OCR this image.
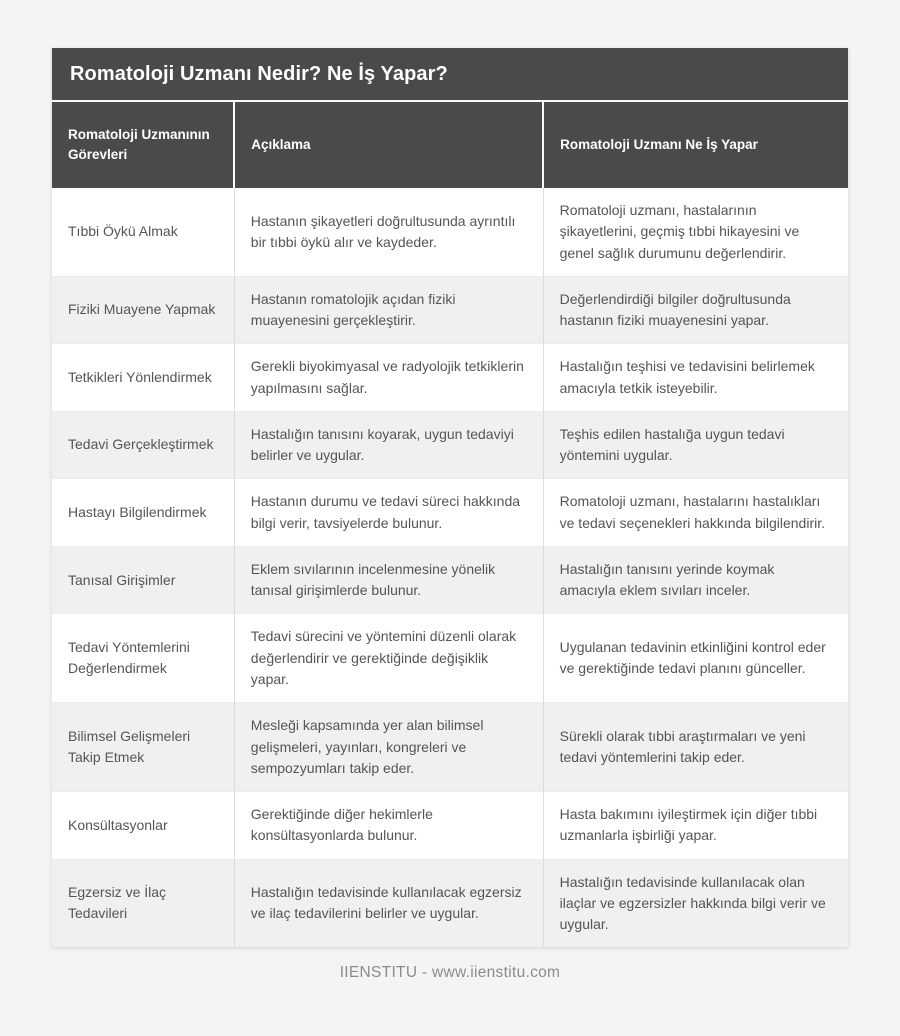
Romatoloji Uzmanı Nedir? Ne İş Yapar?
Romatoloji Uzmanının Görevleri	Açıklama	Romatoloji Uzmanı Ne İş Yapar
Tıbbi Öykü Almak	Hastanın şikayetleri doğrultusunda ayrıntılı bir tıbbi öykü alır ve kaydeder.	Romatoloji uzmanı, hastalarının şikayetlerini, geçmiş tıbbi hikayesini ve genel sağlık durumunu değerlendirir.
Fiziki Muayene Yapmak	Hastanın romatolojik açıdan fiziki muayenesini gerçekleştirir.	Değerlendirdiği bilgiler doğrultusunda hastanın fiziki muayenesini yapar.
Tetkikleri Yönlendirmek	Gerekli biyokimyasal ve radyolojik tetkiklerin yapılmasını sağlar.	Hastalığın teşhisi ve tedavisini belirlemek amacıyla tetkik isteyebilir.
Tedavi Gerçekleştirmek	Hastalığın tanısını koyarak, uygun tedaviyi belirler ve uygular.	Teşhis edilen hastalığa uygun tedavi yöntemini uygular.
Hastayı Bilgilendirmek	Hastanın durumu ve tedavi süreci hakkında bilgi verir, tavsiyelerde bulunur.	Romatoloji uzmanı, hastalarını hastalıkları ve tedavi seçenekleri hakkında bilgilendirir.
Tanısal Girişimler	Eklem sıvılarının incelenmesine yönelik tanısal girişimlerde bulunur.	Hastalığın tanısını yerinde koymak amacıyla eklem sıvıları inceler.
Tedavi Yöntemlerini Değerlendirmek	Tedavi sürecini ve yöntemini düzenli olarak değerlendirir ve gerektiğinde değişiklik yapar.	Uygulanan tedavinin etkinliğini kontrol eder ve gerektiğinde tedavi planını günceller.
Bilimsel Gelişmeleri Takip Etmek	Mesleği kapsamında yer alan bilimsel gelişmeleri, yayınları, kongreleri ve sempozyumları takip eder.	Sürekli olarak tıbbi araştırmaları ve yeni tedavi yöntemlerini takip eder.
Konsültasyonlar	Gerektiğinde diğer hekimlerle konsültasyonlarda bulunur.	Hasta bakımını iyileştirmek için diğer tıbbi uzmanlarla işbirliği yapar.
Egzersiz ve İlaç Tedavileri	Hastalığın tedavisinde kullanılacak egzersiz ve ilaç tedavilerini belirler ve uygular.	Hastalığın tedavisinde kullanılacak olan ilaçlar ve egzersizler hakkında bilgi verir ve uygular.
IIENSTITU - www.iienstitu.com
